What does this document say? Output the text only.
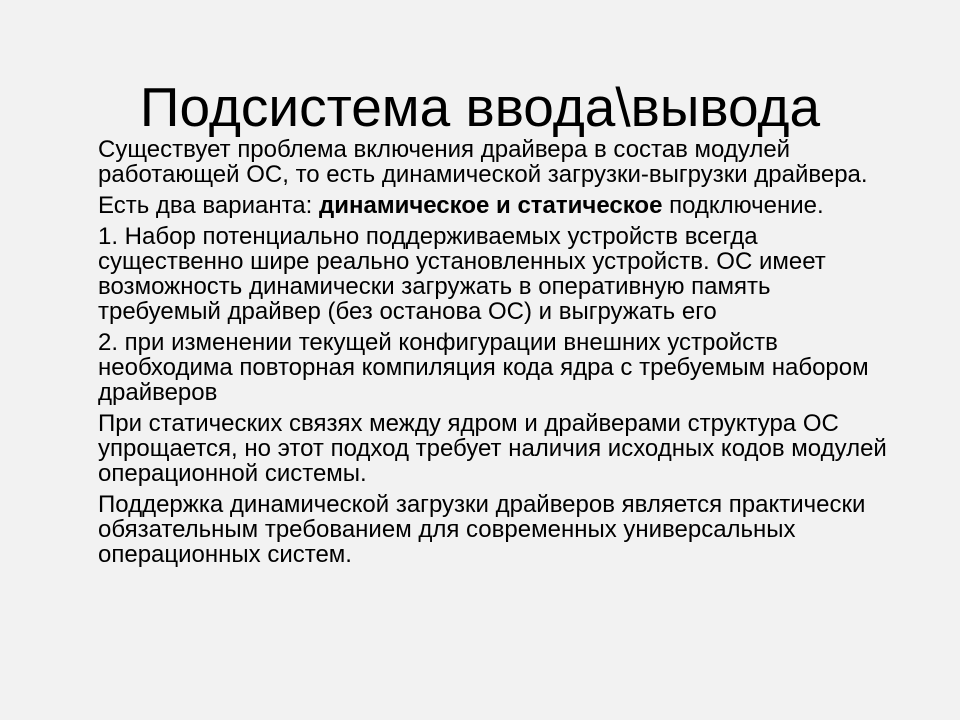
Подсистема ввода\вывода

Существует проблема включения драйвера в состав модулей работающей ОС, то есть динамической загрузки-выгрузки драйвера.

Есть два варианта: динамическое и статическое подключение.

1. Набор потенциально поддерживаемых устройств всегда существенно шире реально установленных устройств. ОС имеет возможность динамически загружать в оперативную память требуемый драйвер (без останова ОС) и выгружать его

2. при изменении текущей конфигурации внешних устройств необходима повторная компиляция кода ядра с требуемым набором драйверов

При статических связях между ядром и драйверами структура ОС упрощается, но этот подход требует наличия исходных кодов модулей операционной системы.

Поддержка динамической загрузки драйверов является практически обязательным требованием для современных универсальных операционных систем.
